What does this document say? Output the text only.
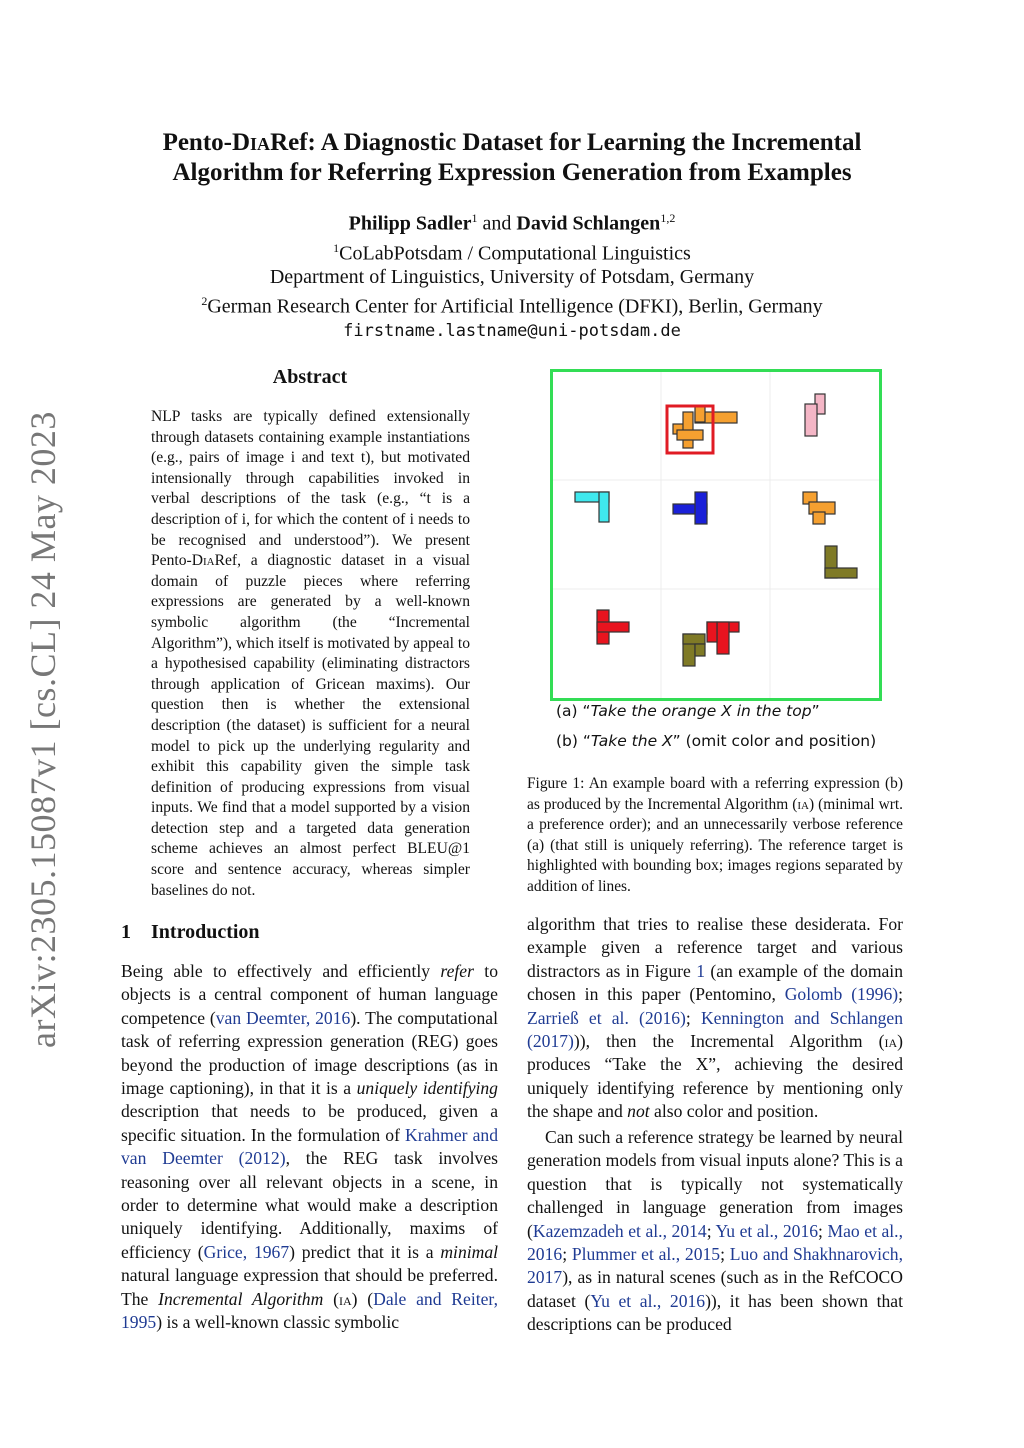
Pento-DiaRef: A Diagnostic Dataset for Learning the Incremental
Algorithm for Referring Expression Generation from Examples
Philipp Sadler$^1$ and David Schlangen$^{1,2}$
$^1$CoLabPotsdam / Computational Linguistics
Department of Linguistics, University of Potsdam, Germany
$^2$German Research Center for Artificial Intelligence (DFKI), Berlin, Germany
firstname.lastname@uni-potsdam.de
arXiv:2305.15087v1 [cs.CL] 24 May 2023
Abstract
NLP tasks are typically defined extensionally through datasets containing example instantiations (e.g., pairs of image i and text t), but motivated intensionally through capabilities invoked in verbal descriptions of the task (e.g., “t is a description of i, for which the content of i needs to be recognised and understood”). We present Pento-DiaRef, a diagnostic dataset in a visual domain of puzzle pieces where referring expressions are generated by a well-known symbolic algorithm (the “Incremental Algorithm”), which itself is motivated by appeal to a hypothesised capability (eliminating distractors through application of Gricean maxims). Our question then is whether the extensional description (the dataset) is sufficient for a neural model to pick up the underlying regularity and exhibit this capability given the simple task definition of producing expressions from visual inputs. We find that a model supported by a vision detection step and a targeted data generation scheme achieves an almost perfect BLEU@1 score and sentence accuracy, whereas simpler baselines do not.
1 Introduction
Being able to effectively and efficiently refer to objects is a central component of human language competence (van Deemter, 2016). The computational task of referring expression generation (REG) goes beyond the production of image descriptions (as in image captioning), in that it is a uniquely identifying description that needs to be produced, given a specific situation. In the formulation of Krahmer and van Deemter (2012), the REG task involves reasoning over all relevant objects in a scene, in order to determine what would make a description uniquely identifying. Additionally, maxims of efficiency (Grice, 1967) predict that it is a minimal natural language expression that should be preferred. The Incremental Algorithm (ia) (Dale and Reiter, 1995) is a well-known classic symbolic
(a) “Take the orange X in the top”
(b) “Take the X” (omit color and position)
Figure 1: An example board with a referring expression (b) as produced by the Incremental Algorithm (ia) (minimal wrt. a preference order); and an unnecessarily verbose reference (a) (that still is uniquely referring). The reference target is highlighted with bounding box; images regions separated by addition of lines.
algorithm that tries to realise these desiderata. For example given a reference target and various distractors as in Figure 1 (an example of the domain chosen in this paper (Pentomino, Golomb (1996); Zarrieß et al. (2016); Kennington and Schlangen (2017))), then the Incremental Algorithm (ia) produces “Take the X”, achieving the desired uniquely identifying reference by mentioning only the shape and not also color and position.
Can such a reference strategy be learned by neural generation models from visual inputs alone? This is a question that is typically not systematically challenged in language generation from images (Kazemzadeh et al., 2014; Yu et al., 2016; Mao et al., 2016; Plummer et al., 2015; Luo and Shakhnarovich, 2017), as in natural scenes (such as in the RefCOCO dataset (Yu et al., 2016)), it has been shown that descriptions can be produced
